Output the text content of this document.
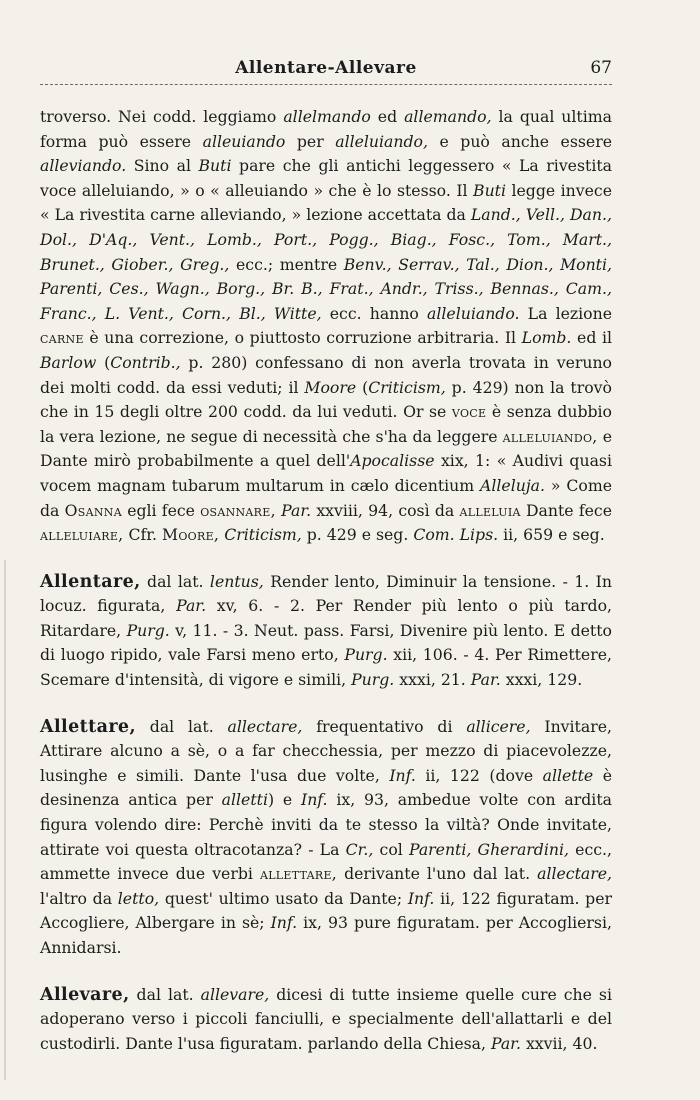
Allentare-Allevare	67

troverso. Nei codd. leggiamo allelmando ed allemando, la qual ultima forma può essere alleuiando per alleluiando, e può anche essere alleviando. Sino al Buti pare che gli antichi leggessero « La rivestita voce alleluiando, » o « alleuiando » che è lo stesso. Il Buti legge invece « La rivestita carne alleviando, » lezione accettata da Land., Vell., Dan., Dol., D'Aq., Vent., Lomb., Port., Pogg., Biag., Fosc., Tom., Mart., Brunet., Giober., Greg., ecc.; mentre Benv., Serrav., Tal., Dion., Monti, Parenti, Ces., Wagn., Borg., Br. B., Frat., Andr., Triss., Bennas., Cam., Franc., L. Vent., Corn., Bl., Witte, ecc. hanno alleluiando. La lezione carne è una correzione, o piuttosto corruzione arbitraria. Il Lomb. ed il Barlow (Contrib., p. 280) confessano di non averla trovata in veruno dei molti codd. da essi veduti; il Moore (Criticism, p. 429) non la trovò che in 15 degli oltre 200 codd. da lui veduti. Or se voce è senza dubbio la vera lezione, ne segue di necessità che s'ha da leggere alleluiando, e Dante mirò probabilmente a quel dell'Apocalisse xix, 1: « Audivi quasi vocem magnam tubarum multarum in cælo dicentium Alleluja. » Come da Osanna egli fece osannare, Par. xxviii, 94, così da alleluia Dante fece alleluiare, Cfr. Moore, Criticism, p. 429 e seg. Com. Lips. ii, 659 e seg.

Allentare, dal lat. lentus, Render lento, Diminuir la tensione. - 1. In locuz. figurata, Par. xv, 6. - 2. Per Render più lento o più tardo, Ritardare, Purg. v, 11. - 3. Neut. pass. Farsi, Divenire più lento. E detto di luogo ripido, vale Farsi meno erto, Purg. xii, 106. - 4. Per Rimettere, Scemare d'intensità, di vigore e simili, Purg. xxxi, 21. Par. xxxi, 129.

Allettare, dal lat. allectare, frequentativo di allicere, Invitare, Attirare alcuno a sè, o a far checchessia, per mezzo di piacevolezze, lusinghe e simili. Dante l'usa due volte, Inf. ii, 122 (dove allette è desinenza antica per alletti) e Inf. ix, 93, ambedue volte con ardita figura volendo dire: Perchè inviti da te stesso la viltà? Onde invitate, attirate voi questa oltracotanza? - La Cr., col Parenti, Gherardini, ecc., ammette invece due verbi allettare, derivante l'uno dal lat. allectare, l'altro da letto, quest' ultimo usato da Dante; Inf. ii, 122 figuratam. per Accogliere, Albergare in sè; Inf. ix, 93 pure figuratam. per Accogliersi, Annidarsi.

Allevare, dal lat. allevare, dicesi di tutte insieme quelle cure che si adoperano verso i piccoli fanciulli, e specialmente dell'allattarli e del custodirli. Dante l'usa figuratam. parlando della Chiesa, Par. xxvii, 40.
